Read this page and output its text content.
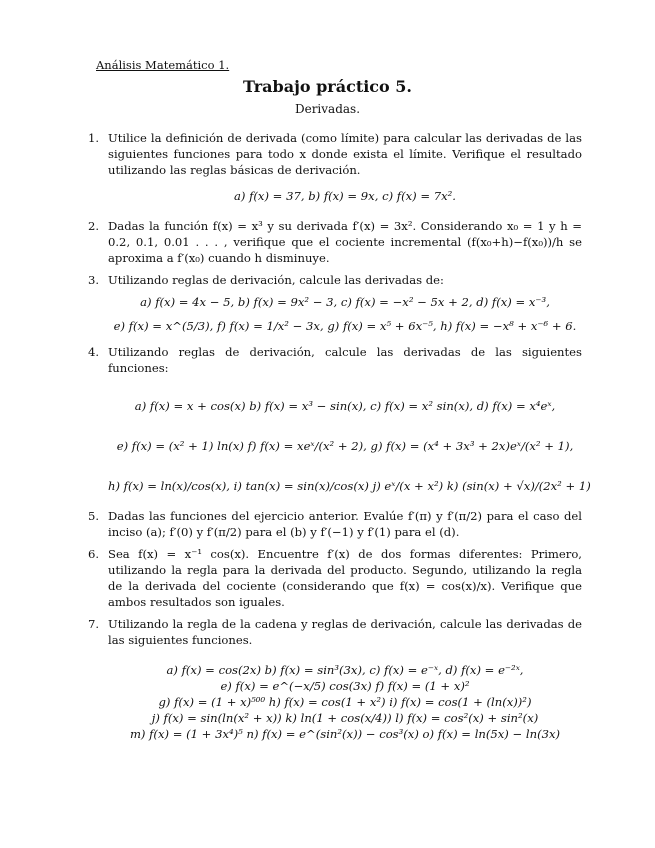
Análisis Matemático 1.
Trabajo práctico 5.
Derivadas.
1. Utilice la definición de derivada (como límite) para calcular las derivadas de las siguientes funciones para todo x donde exista el límite. Verifique el resultado utilizando las reglas básicas de derivación.

a) f(x) = 37, b) f(x) = 9x, c) f(x) = 7x².

2. Dadas la función f(x) = x³ y su derivada f′(x) = 3x². Considerando x₀ = 1 y h = 0.2, 0.1, 0.01 . . . , verifique que el cociente incremental (f(x₀+h)−f(x₀))/h se aproxima a f′(x₀) cuando h disminuye.

3. Utilizando reglas de derivación, calcule las derivadas de:

a) f(x) = 4x − 5, b) f(x) = 9x² − 3, c) f(x) = −x² − 5x + 2, d) f(x) = x⁻³,

e) f(x) = x^(5/3), f) f(x) = 1/x² − 3x, g) f(x) = x⁵ + 6x⁻⁵, h) f(x) = −x⁸ + x⁻⁶ + 6.

4. Utilizando reglas de derivación, calcule las derivadas de las siguientes funciones:

a) f(x) = x + cos(x) b) f(x) = x³ − sin(x), c) f(x) = x² sin(x), d) f(x) = x⁴eˣ,

e) f(x) = (x² + 1) ln(x) f) f(x) = xeˣ/(x² + 2), g) f(x) = (x⁴ + 3x³ + 2x)eˣ/(x² + 1),

h) f(x) = ln(x)/cos(x), i) tan(x) = sin(x)/cos(x) j) eˣ/(x + x²) k) (sin(x) + √x)/(2x² + 1)

5. Dadas las funciones del ejercicio anterior. Evalúe f′(π) y f′(π/2) para el caso del inciso (a); f′(0) y f′(π/2) para el (b) y f′(−1) y f′(1) para el (d).

6. Sea f(x) = x⁻¹ cos(x). Encuentre f′(x) de dos formas diferentes: Primero, utilizando la regla para la derivada del producto. Segundo, utilizando la regla de la derivada del cociente (considerando que f(x) = cos(x)/x). Verifique que ambos resultados son iguales.

7. Utilizando la regla de la cadena y reglas de derivación, calcule las derivadas de las siguientes funciones.

a) f(x) = cos(2x) b) f(x) = sin³(3x), c) f(x) = e⁻ˣ, d) f(x) = e⁻²ˣ,

e) f(x) = e^(−x/5) cos(3x) f) f(x) = (1 + x)²

g) f(x) = (1 + x)⁵⁰⁰ h) f(x) = cos(1 + x²) i) f(x) = cos(1 + (ln(x))²)

j) f(x) = sin(ln(x² + x)) k) ln(1 + cos(x/4)) l) f(x) = cos²(x) + sin²(x)

m) f(x) = (1 + 3x⁴)⁵ n) f(x) = e^(sin²(x)) − cos³(x) o) f(x) = ln(5x) − ln(3x)
